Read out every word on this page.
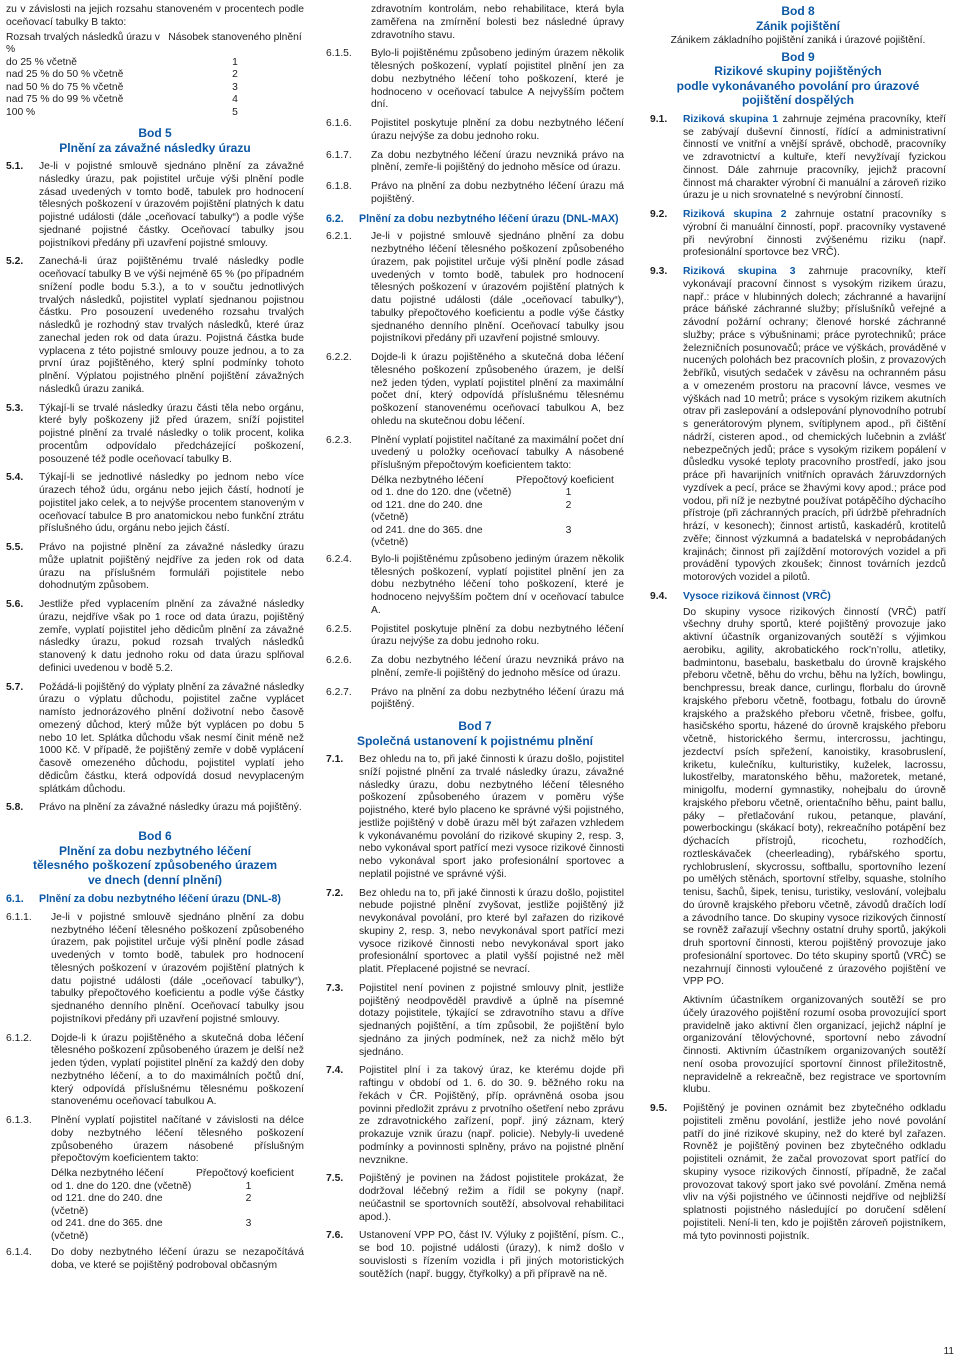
zu v závislosti na jejich rozsahu stanoveném v procentech podle oceňovací tabulky B takto:

Rozsah trvalých následků úrazu v %	Násobek stanoveného plnění
do 25 % včetně	1
nad 25 % do 50 % včetně	2
nad 50 % do 75 % včetně	3
nad 75 % do 99 % včetně	4
100 %	5
Bod 5
Plnění za závažné následky úrazu
5.1. Je-li v pojistné smlouvě sjednáno plnění za závažné následky úrazu, pak pojistitel určuje výši plnění podle zásad uvedených v tomto bodě, tabulek pro hodnocení tělesných poškození v úrazovém pojištění platných k datu pojistné události (dále „oceňovací tabulky“) a podle výše sjednané pojistné částky. Oceňovací tabulky jsou pojistníkovi předány při uzavření pojistné smlouvy.
5.2. Zanechá-li úraz pojištěnému trvalé následky podle oceňovací tabulky B ve výši nejméně 65 % (po případném snížení podle bodu 5.3.), a to v součtu jednotlivých trvalých následků, pojistitel vyplatí sjednanou pojistnou částku. Pro posouzení uvedeného rozsahu trvalých následků je rozhodný stav trvalých následků, které úraz zanechal jeden rok od data úrazu. Pojistná částka bude vyplacena z této pojistné smlouvy pouze jednou, a to za první úraz pojištěného, který splní podmínky tohoto plnění. Výplatou pojistného plnění pojištění závažných následků úrazu zaniká.
5.3. Týkají-li se trvalé následky úrazu části těla nebo orgánu, které byly poškozeny již před úrazem, sníží pojistitel pojistné plnění za trvalé následky o tolik procent, kolika procentům odpovídalo předcházející poškození, posouzené též podle oceňovací tabulky B.
5.4. Týkají-li se jednotlivé následky po jednom nebo více úrazech téhož údu, orgánu nebo jejich částí, hodnotí je pojistitel jako celek, a to nejvýše procentem stanoveným v oceňovací tabulce B pro anatomickou nebo funkční ztrátu příslušného údu, orgánu nebo jejich částí.
5.5. Právo na pojistné plnění za závažné následky úrazu může uplatnit pojištěný nejdříve za jeden rok od data úrazu na příslušném formuláři pojistitele nebo dohodnutým způsobem.
5.6. Jestliže před vyplacením plnění za závažné následky úrazu, nejdříve však po 1 roce od data úrazu, pojištěný zemře, vyplatí pojistitel jeho dědicům plnění za závažné následky úrazu, pokud rozsah trvalých následků stanovený k datu jednoho roku od data úrazu splňoval definici uvedenou v bodě 5.2.
5.7. Požádá-li pojištěný do výplaty plnění za závažné následky úrazu o výplatu důchodu, pojistitel začne vyplácet namísto jednorázového plnění doživotní nebo časově omezený důchod, který může být vyplácen po dobu 5 nebo 10 let. Splátka důchodu však nesmí činit méně než 1000 Kč. V případě, že pojištěný zemře v době vyplácení časově omezeného důchodu, pojistitel vyplatí jeho dědicům částku, která odpovídá dosud nevyplaceným splátkám důchodu.
5.8. Právo na plnění za závažné následky úrazu má pojištěný.
Bod 6
Plnění za dobu nezbytného léčení
tělesného poškození způsobeného úrazem
ve dnech (denní plnění)
6.1. Plnění za dobu nezbytného léčení úrazu (DNL-8)
6.1.1. Je-li v pojistné smlouvě sjednáno plnění za dobu nezbytného léčení tělesného poškození způsobeného úrazem, pak pojistitel určuje výši plnění podle zásad uvedených v tomto bodě, tabulek pro hodnocení tělesných poškození v úrazovém pojištění platných k datu pojistné události (dále „oceňovací tabulky“), tabulky přepočtového koeficientu a podle výše částky sjednaného denního plnění. Oceňovací tabulky jsou pojistníkovi předány při uzavření pojistné smlouvy.
6.1.2. Dojde-li k úrazu pojištěného a skutečná doba léčení tělesného poškození způsobeného úrazem je delší než jeden týden, vyplatí pojistitel plnění za každý den doby nezbytného léčení, a to do maximálních počtů dní, který odpovídá příslušnému tělesnému poškození stanovenému oceňovací tabulkou A.
6.1.3. Plnění vyplatí pojistitel načítané v závislosti na délce doby nezbytného léčení tělesného poškození způsobeného úrazem násobené příslušným přepočtovým koeficientem takto:
Délka nezbytného léčení	Přepočtový koeficient
od 1. dne do 120. dne (včetně)	1
od 121. dne do 240. dne (včetně)	2
od 241. dne do 365. dne (včetně)	3
6.1.4. Do doby nezbytného léčení úrazu se nezapočítává doba, ve které se pojištěný podroboval občasným

zdravotním kontrolám, nebo rehabilitace, která byla zaměřena na zmírnění bolesti bez následné úpravy zdravotního stavu.

6.1.5. Bylo-li pojištěnému způsobeno jediným úrazem několik tělesných poškození, vyplatí pojistitel plnění jen za dobu nezbytného léčení toho poškození, které je hodnoceno v oceňovací tabulce A nejvyšším počtem dní.
6.1.6. Pojistitel poskytuje plnění za dobu nezbytného léčení úrazu nejvýše za dobu jednoho roku.
6.1.7. Za dobu nezbytného léčení úrazu nevzniká právo na plnění, zemře-li pojištěný do jednoho měsíce od úrazu.
6.1.8. Právo na plnění za dobu nezbytného léčení úrazu má pojištěný.
6.2. Plnění za dobu nezbytného léčení úrazu (DNL-MAX)
6.2.1. Je-li v pojistné smlouvě sjednáno plnění za dobu nezbytného léčení tělesného poškození způsobeného úrazem, pak pojistitel určuje výši plnění podle zásad uvedených v tomto bodě, tabulek pro hodnocení tělesných poškození v úrazovém pojištění platných k datu pojistné události (dále „oceňovací tabulky“), tabulky přepočtového koeficientu a podle výše částky sjednaného denního plnění. Oceňovací tabulky jsou pojistníkovi předány při uzavření pojistné smlouvy.
6.2.2. Dojde-li k úrazu pojištěného a skutečná doba léčení tělesného poškození způsobeného úrazem, je delší než jeden týden, vyplatí pojistitel plnění za maximální počet dní, který odpovídá příslušnému tělesnému poškození stanovenému oceňovací tabulkou A, bez ohledu na skutečnou dobu léčení.
6.2.3. Plnění vyplatí pojistitel načítané za maximální počet dní uvedený u položky oceňovací tabulky A násobené příslušným přepočtovým koeficientem takto:
Délka nezbytného léčení	Přepočtový koeficient
od 1. dne do 120. dne (včetně)	1
od 121. dne do 240. dne (včetně)	2
od 241. dne do 365. dne (včetně)	3
6.2.4. Bylo-li pojištěnému způsobeno jediným úrazem několik tělesných poškození, vyplatí pojistitel plnění jen za dobu nezbytného léčení toho poškození, které je hodnoceno nejvyšším počtem dní v oceňovací tabulce A.
6.2.5. Pojistitel poskytuje plnění za dobu nezbytného léčení úrazu nejvýše za dobu jednoho roku.
6.2.6. Za dobu nezbytného léčení úrazu nevzniká právo na plnění, zemře-li pojištěný do jednoho měsíce od úrazu.
6.2.7. Právo na plnění za dobu nezbytného léčení úrazu má pojištěný.
Bod 7
Společná ustanovení k pojistnému plnění
7.1. Bez ohledu na to, při jaké činnosti k úrazu došlo, pojistitel sníží pojistné plnění za trvalé následky úrazu, závažné následky úrazu, dobu nezbytného léčení tělesného poškození způsobeného úrazem v poměru výše pojistného, které bylo placeno ke správné výši pojistného, jestliže pojištěný v době úrazu měl být zařazen vzhledem k vykonávanému povolání do rizikové skupiny 2, resp. 3, nebo vykonával sport patřící mezi vysoce rizikové činnosti nebo vykonával sport jako profesionální sportovec a neplatil pojistné ve správné výši.
7.2. Bez ohledu na to, při jaké činnosti k úrazu došlo, pojistitel nebude pojistné plnění zvyšovat, jestliže pojištěný již nevykonával povolání, pro které byl zařazen do rizikové skupiny 2, resp. 3, nebo nevykonával sport patřící mezi vysoce rizikové činnosti nebo nevykonával sport jako profesionální sportovec a platil vyšší pojistné než měl platit. Přeplacené pojistné se nevrací.
7.3. Pojistitel není povinen z pojistné smlouvy plnit, jestliže pojištěný neodpověděl pravdivě a úplně na písemné dotazy pojistitele, týkající se zdravotního stavu a dříve sjednaných pojištění, a tím způsobil, že pojištění bylo sjednáno za jiných podmínek, než za nichž mělo být sjednáno.
7.4. Pojistitel plní i za takový úraz, ke kterému dojde při raftingu v období od 1. 6. do 30. 9. běžného roku na řekách v ČR. Pojištěný, příp. oprávněná osoba jsou povinni předložit zprávu z prvotního ošetření nebo zprávu ze zdravotnického zařízení, popř. jiný záznam, který prokazuje vznik úrazu (např. policie). Nebyly-li uvedené podmínky a povinnosti splněny, právo na pojistné plnění nevznikne.
7.5. Pojištěný je povinen na žádost pojistitele prokázat, že dodržoval léčebný režim a řídil se pokyny (např. neúčastnil se sportovních soutěží, absolvoval rehabilitaci apod.).
7.6. Ustanovení VPP PO, část IV. Výluky z pojištění, písm. C., se bod 10. pojistné události (úrazy), k nimž došlo v souvislosti s řízením vozidla i při jiných motoristických soutěžích (např. buggy, čtyřkolky) a při přípravě na ně.
Bod 8
Zánik pojištění

Zánikem základního pojištění zaniká i úrazové pojištění.

Bod 9
Rizikové skupiny pojištěných
podle vykonávaného povolání pro úrazové
pojištění dospělých
9.1. Riziková skupina 1 zahrnuje zejména pracovníky, kteří se zabývají duševní činností, řídící a administrativní činností ve vnitřní a vnější správě, obchodě, pracovníky ve zdravotnictví a kultuře, kteří nevyžívají fyzickou činnost. Dále zahrnuje pracovníky, jejichž pracovní činnost má charakter výrobní či manuální a zároveň riziko úrazu je u nich srovnatelné s nevýrobní činností.
9.2. Riziková skupina 2 zahrnuje ostatní pracovníky s výrobní či manuální činností, popř. pracovníky vystavené při nevýrobní činnosti zvýšenému riziku (např. profesionální sportovce bez VRČ).
9.3. Riziková skupina 3 zahrnuje pracovníky, kteří vykonávají pracovní činnost s vysokým rizikem úrazu, např.: práce v hlubinných dolech; záchranné a havarijní práce báňské záchranné služby; příslušníků veřejné a závodní požární ochrany; členové horské záchranné služby; práce s výbušninami; práce pyrotechniků; práce železničních posunovačů; práce ve výškách, prováděné v nucených polohách bez pracovních plošin, z provazových žebříků, visutých sedaček v závěsu na ochranném pásu a v omezeném prostoru na pracovní lávce, vesmes ve výškách nad 10 metrů; práce s vysokým rizikem akutních otrav při zaslepování a odslepování plynovodního potrubí s generátorovým plynem, svítiplynem apod., při čištění nádrží, cisteren apod., od chemických lučebnin a zvlášť nebezpečných jedů; práce s vysokým rizikem popálení v důsledku vysoké teploty pracovního prostředí, jako jsou práce při havarijních vnitřních opravách žáruvzdorných vyzdívek a pecí, práce se žhavými kovy apod.; práce pod vodou, při níž je nezbytné používat potápěčího dýchacího přístroje (při záchranných pracích, při údržbě přehradních hrází, v kesonech); činnost artistů, kaskadérů, krotitelů zvěře; činnost výzkumná a badatelská v neprobádaných krajinách; činnost při zajíždění motorových vozidel a při provádění typových zkoušek; činnost továrních jezdců motorových vozidel a pilotů.
9.4. Vysoce riziková činnost (VRČ)

Do skupiny vysoce rizikových činností (VRČ) patří všechny druhy sportů, které pojištěný provozuje jako aktivní účastník organizovaných soutěží s výjimkou aerobiku, agility, akrobatického rock’n’rollu, atletiky, badmintonu, basebalu, basketbalu do úrovně krajského přeboru včetně, běhu do vrchu, běhu na lyžích, bowlingu, benchpressu, break dance, curlingu, florbalu do úrovně krajského přeboru včetně, footbagu, fotbalu do úrovně krajského a pražského přeboru včetně, frisbee, golfu, hasičského sportu, házené do úrovně krajského přeboru včetně, historického šermu, intercrossu, jachtingu, jezdectví psích spřežení, kanoistiky, krasobruslení, kriketu, kulečníku, kulturistiky, kuželek, lacrossu, lukostřelby, maratonského běhu, mažoretek, metané, minigolfu, moderní gymnastiky, nohejbalu do úrovně krajského přeboru včetně, orientačního běhu, paint ballu, páky – přetlačování rukou, petanque, plavání, powerbockingu (skákací boty), rekreačního potápění bez dýchacích přístrojů, ricochetu, rozhodčích, roztleskávaček (cheerleading), rybářského sportu, rychlobruslení, skycrossu, softballu, sportovního lezení po umělých stěnách, sportovní střelby, squashe, stolního tenisu, šachů, šipek, tenisu, turistiky, veslování, volejbalu do úrovně krajského přeboru včetně, závodů dračích lodí a závodního tance. Do skupiny vysoce rizikových činností se rovněž zařazují všechny ostatní druhy sportů, jakýkoli druh sportovní činnosti, kterou pojištěný provozuje jako profesionální sportovec. Do této skupiny sportů (VRČ) se nezahrnují činnosti vyloučené z úrazového pojištění ve VPP PO.

Aktivním účastníkem organizovaných soutěží se pro účely úrazového pojištění rozumí osoba provozující sport pravidelně jako aktivní člen organizací, jejichž náplní je organizování tělovýchovné, sportovní nebo závodní činnosti. Aktivním účastníkem organizovaných soutěží není osoba provozující sportovní činnost příležitostně, nepravidelně a rekreačně, bez registrace ve sportovním klubu.

9.5. Pojištěný je povinen oznámit bez zbytečného odkladu pojistiteli změnu povolání, jestliže jeho nové povolání patří do jiné rizikové skupiny, než do které byl zařazen. Rovněž je pojištěný povinen bez zbytečného odkladu pojistiteli oznámit, že začal provozovat sport patřící do skupiny vysoce rizikových činností, případně, že začal provozovat takový sport jako své povolání. Změna nemá vliv na výši pojistného ve účinnosti nejdříve od nejbližší splatnosti pojistného následující po doručení sdělení pojistiteli. Není-li ten, kdo je pojištěn zároveň pojistníkem, má tyto povinnosti pojistník.
11
